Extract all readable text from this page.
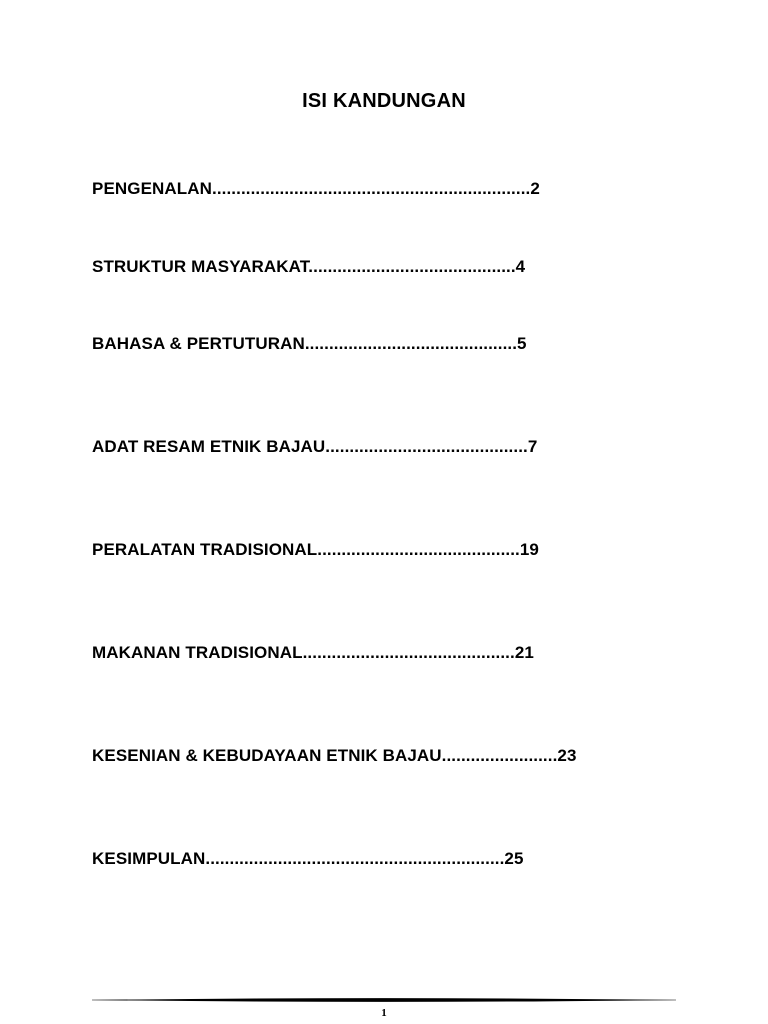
ISI KANDUNGAN
PENGENALAN..................................................................2
STRUKTUR MASYARAKAT...........................................4
BAHASA & PERTUTURAN............................................5
ADAT RESAM ETNIK BAJAU..........................................7
PERALATAN TRADISIONAL..........................................19
MAKANAN TRADISIONAL............................................21
KESENIAN & KEBUDAYAAN ETNIK BAJAU........................23
KESIMPULAN..............................................................25
1
